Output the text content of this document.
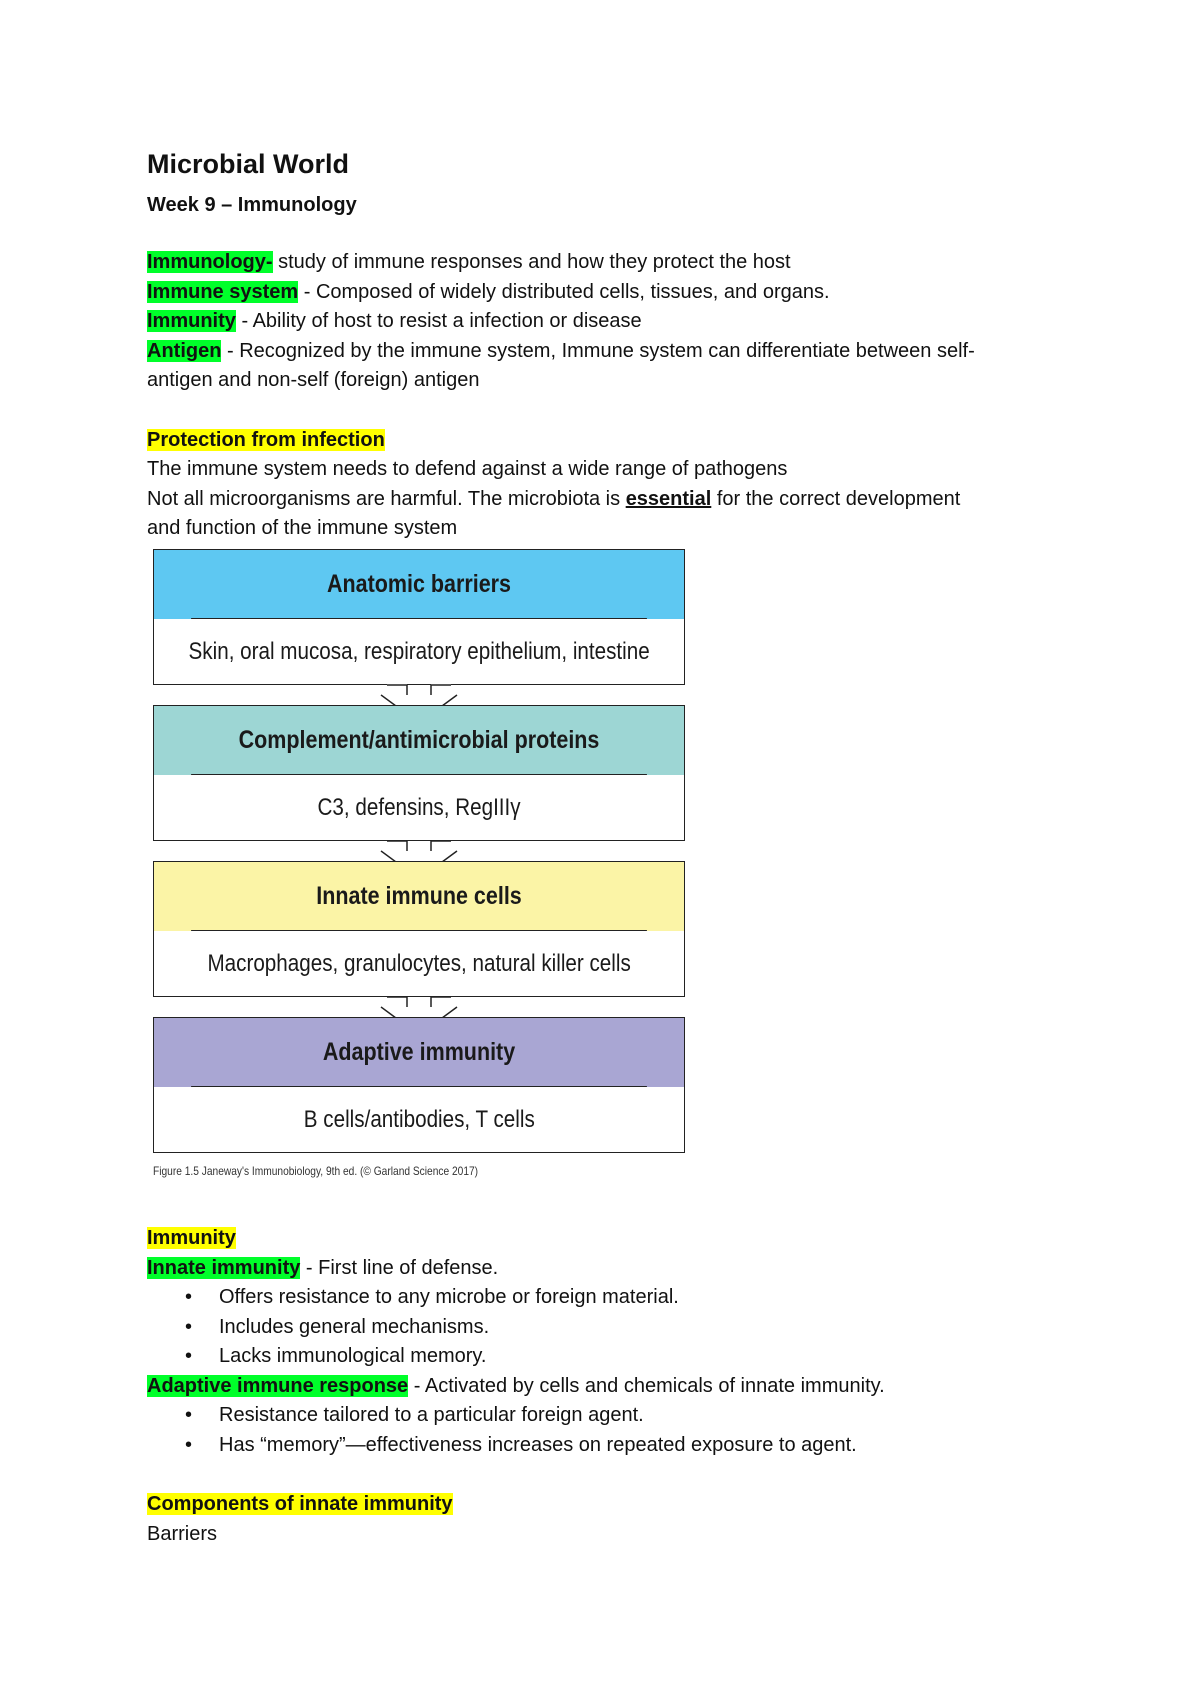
Microbial World

Week 9 – Immunology

Immunology- study of immune responses and how they protect the host

Immune system - Composed of widely distributed cells, tissues, and organs.

Immunity - Ability of host to resist a infection or disease

Antigen - Recognized by the immune system, Immune system can differentiate between self-

antigen and non-self (foreign) antigen

Protection from infection

The immune system needs to defend against a wide range of pathogens

Not all microorganisms are harmful. The microbiota is essential for the correct development

and function of the immune system

Anatomic barriers
Skin, oral mucosa, respiratory epithelium, intestine
Complement/antimicrobial proteins
C3, defensins, RegIIIγ
Innate immune cells
Macrophages, granulocytes, natural killer cells
Adaptive immunity
B cells/antibodies, T cells
Figure 1.5 Janeway's Immunobiology, 9th ed. (© Garland Science 2017)

Immunity

Innate immunity - First line of defense.

• Offers resistance to any microbe or foreign material.
• Includes general mechanisms.
• Lacks immunological memory.

Adaptive immune response - Activated by cells and chemicals of innate immunity.

• Resistance tailored to a particular foreign agent.
• Has “memory”—effectiveness increases on repeated exposure to agent.

Components of innate immunity

Barriers
